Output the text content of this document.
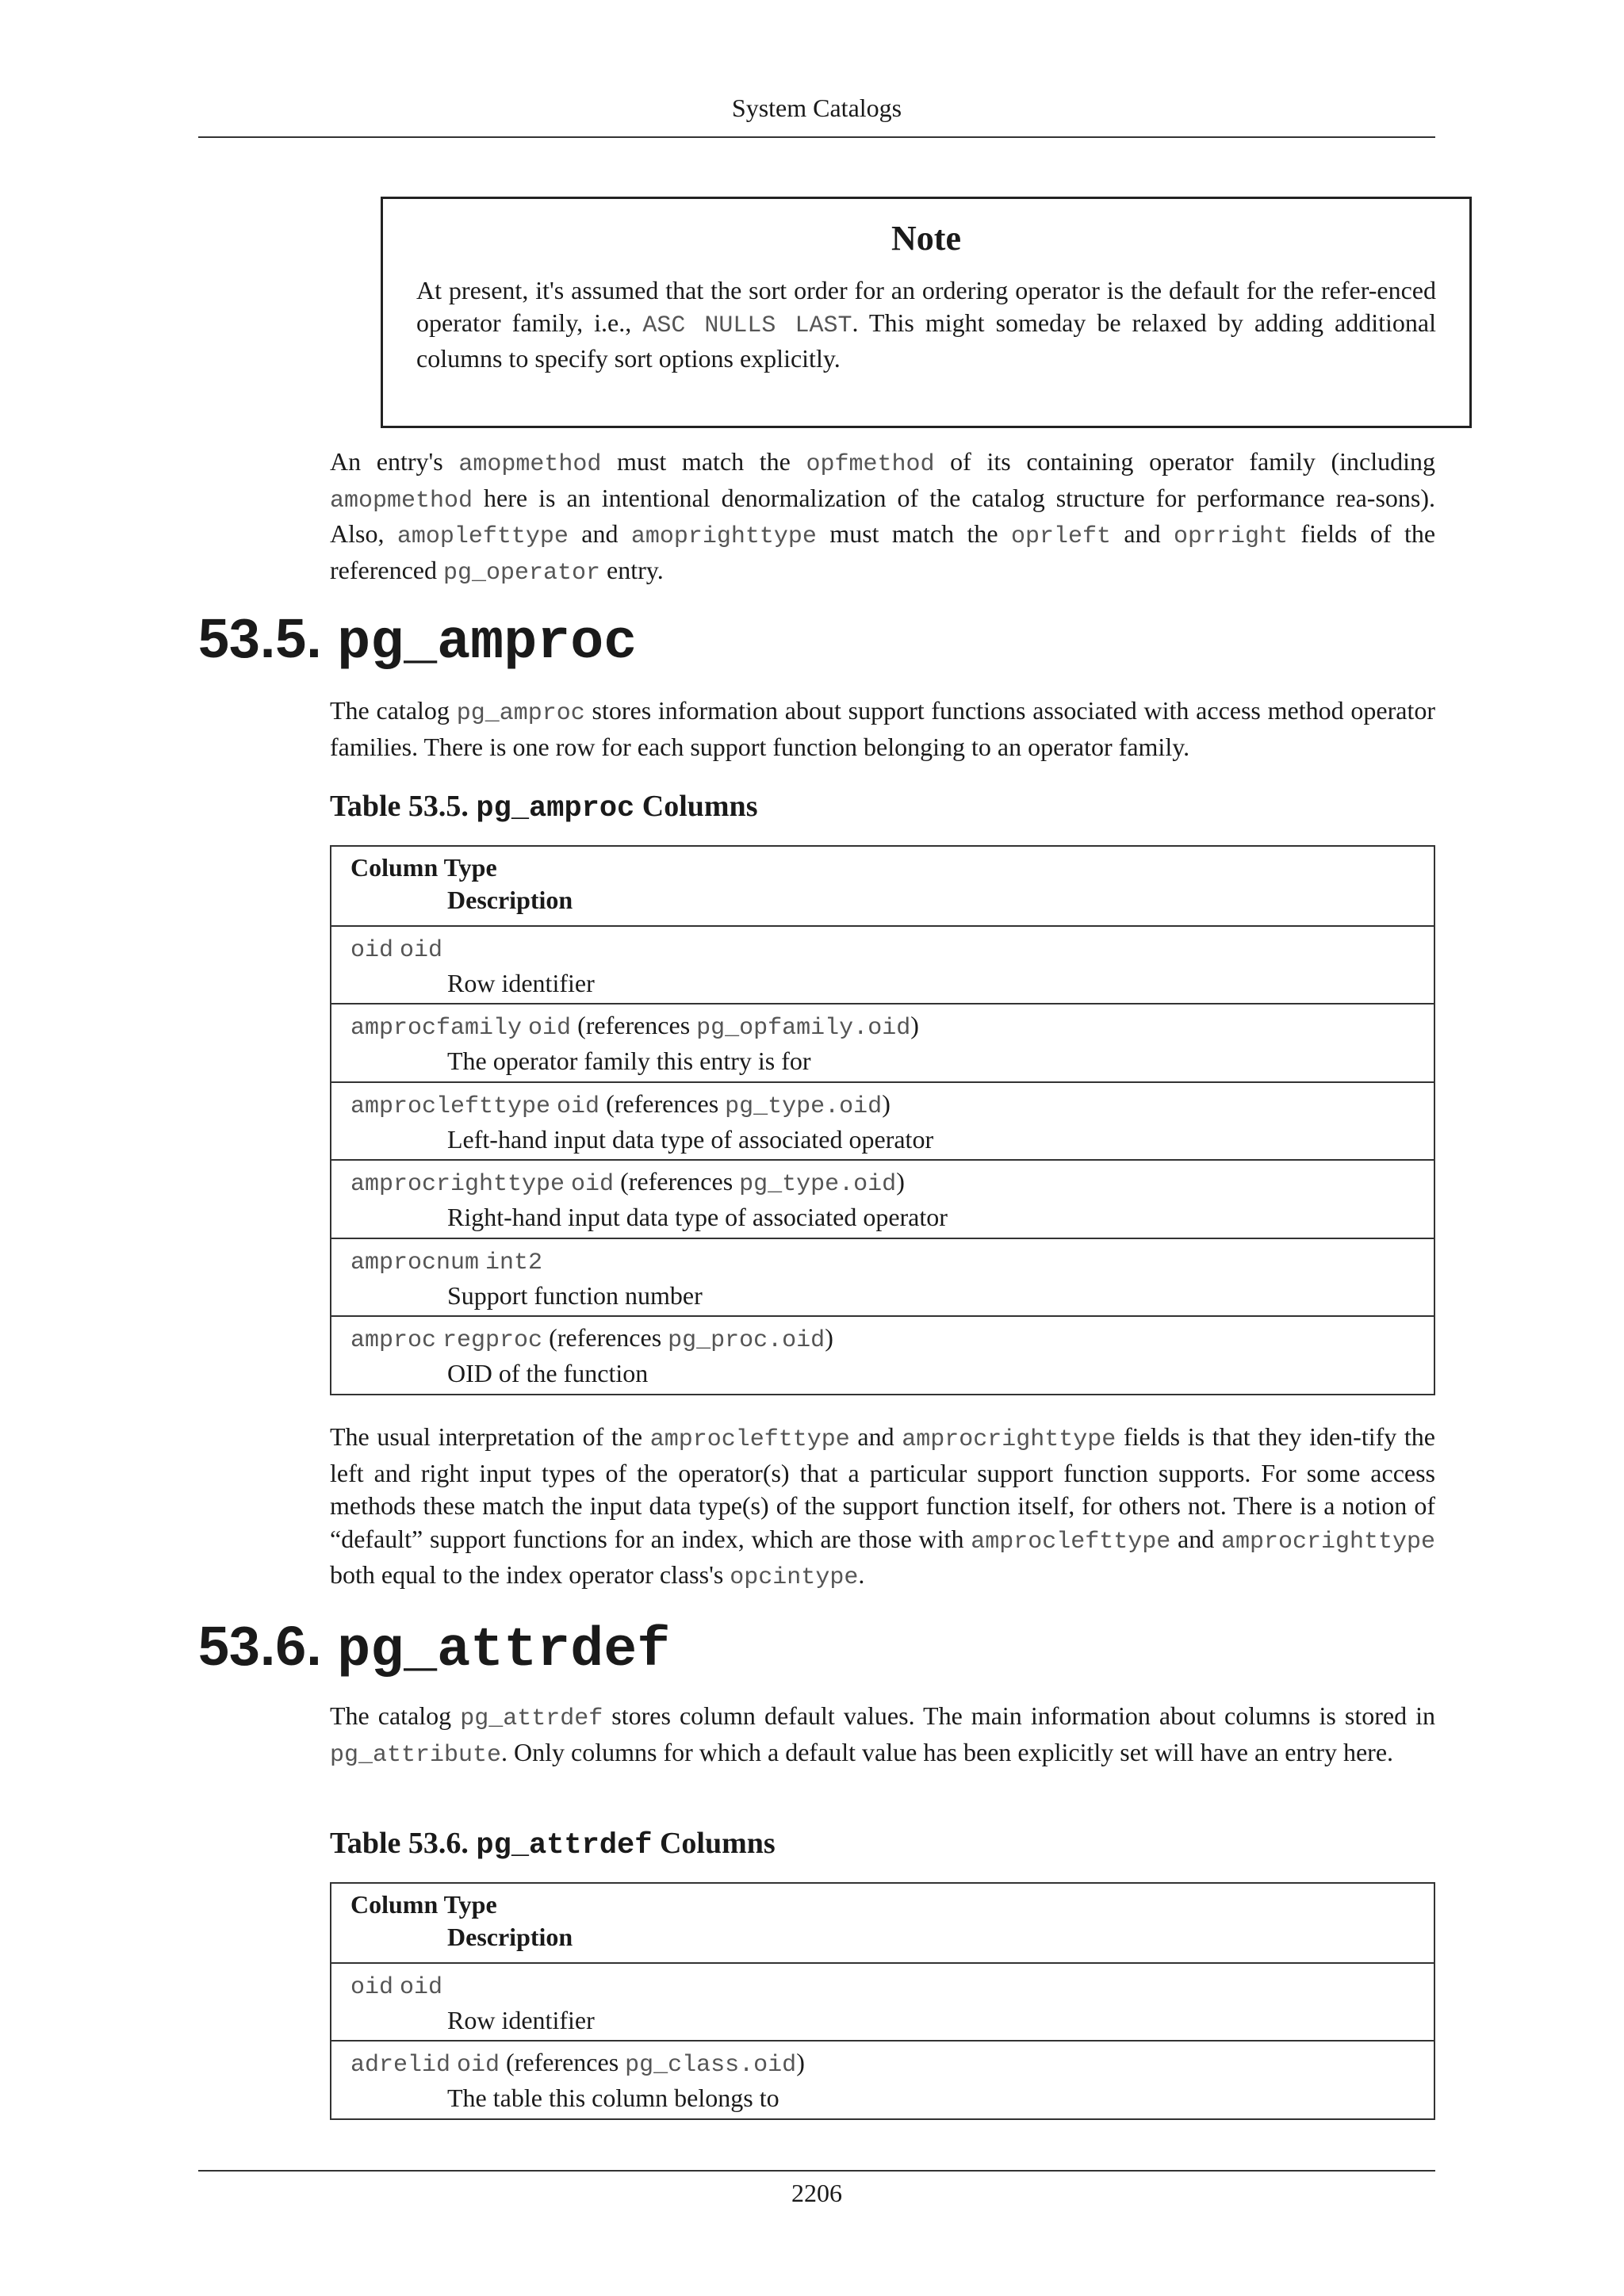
System Catalogs
Note
At present, it's assumed that the sort order for an ordering operator is the default for the refer-enced operator family, i.e., ASC NULLS LAST. This might someday be relaxed by adding additional columns to specify sort options explicitly.
An entry's amopmethod must match the opfmethod of its containing operator family (including amopmethod here is an intentional denormalization of the catalog structure for performance rea-sons). Also, amoplefttype and amoprighttype must match the oprleft and oprright fields of the referenced pg_operator entry.
53.5. pg_amproc
The catalog pg_amproc stores information about support functions associated with access method operator families. There is one row for each support function belonging to an operator family.
Table 53.5. pg_amproc Columns
Column Type
Description
oid oid
Row identifier
amprocfamily oid (references pg_opfamily.oid)
The operator family this entry is for
amproclefttype oid (references pg_type.oid)
Left-hand input data type of associated operator
amprocrighttype oid (references pg_type.oid)
Right-hand input data type of associated operator
amprocnum int2
Support function number
amproc regproc (references pg_proc.oid)
OID of the function
The usual interpretation of the amproclefttype and amprocrighttype fields is that they iden-tify the left and right input types of the operator(s) that a particular support function supports. For some access methods these match the input data type(s) of the support function itself, for others not. There is a notion of “default” support functions for an index, which are those with amproclefttype and amprocrighttype both equal to the index operator class's opcintype.
53.6. pg_attrdef
The catalog pg_attrdef stores column default values. The main information about columns is stored in pg_attribute. Only columns for which a default value has been explicitly set will have an entry here.
Table 53.6. pg_attrdef Columns
Column Type
Description
oid oid
Row identifier
adrelid oid (references pg_class.oid)
The table this column belongs to
2206
